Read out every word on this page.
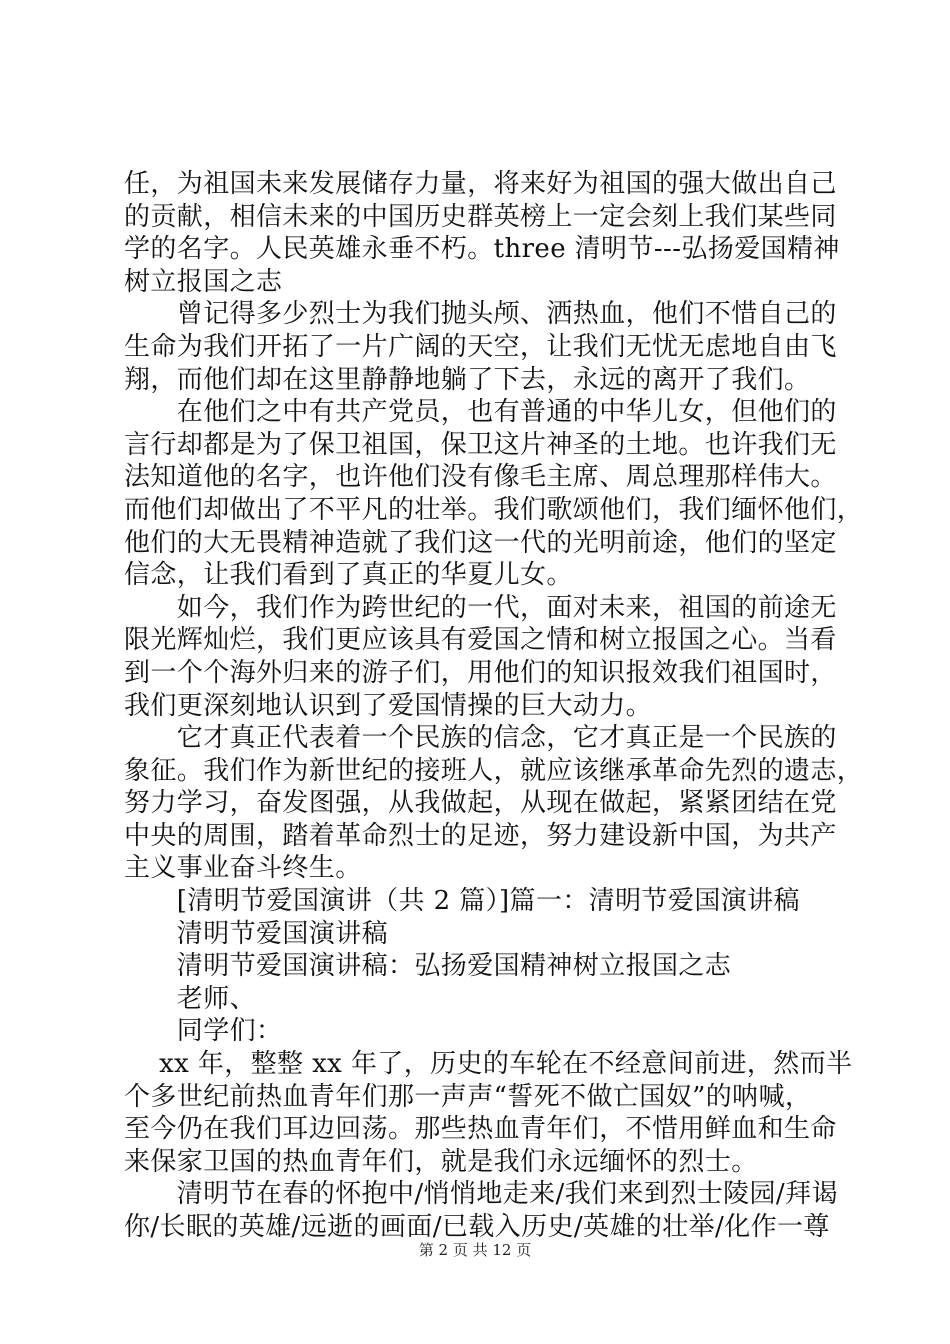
任，为祖国未来发展储存力量，将来好为祖国的强大做出自己
的贡献，相信未来的中国历史群英榜上一定会刻上我们某些同
学的名字。人民英雄永垂不朽。three 清明节---弘扬爱国精神
树立报国之志
　　曾记得多少烈士为我们抛头颅、洒热血，他们不惜自己的
生命为我们开拓了一片广阔的天空，让我们无忧无虑地自由飞
翔，而他们却在这里静静地躺了下去，永远的离开了我们。
　　在他们之中有共产党员，也有普通的中华儿女，但他们的
言行却都是为了保卫祖国，保卫这片神圣的土地。也许我们无
法知道他的名字，也许他们没有像毛主席、周总理那样伟大。
而他们却做出了不平凡的壮举。我们歌颂他们，我们缅怀他们，
他们的大无畏精神造就了我们这一代的光明前途，他们的坚定
信念，让我们看到了真正的华夏儿女。
　　如今，我们作为跨世纪的一代，面对未来，祖国的前途无
限光辉灿烂，我们更应该具有爱国之情和树立报国之心。当看
到一个个海外归来的游子们，用他们的知识报效我们祖国时，
我们更深刻地认识到了爱国情操的巨大动力。
　　它才真正代表着一个民族的信念，它才真正是一个民族的
象征。我们作为新世纪的接班人，就应该继承革命先烈的遗志，
努力学习，奋发图强，从我做起，从现在做起，紧紧团结在党
中央的周围，踏着革命烈士的足迹，努力建设新中国，为共产
主义事业奋斗终生。
　　[清明节爱国演讲（共 2 篇）]篇一：清明节爱国演讲稿
　　清明节爱国演讲稿
　　清明节爱国演讲稿：弘扬爱国精神树立报国之志
　　老师、
　　同学们：
　 xx 年，整整 xx 年了，历史的车轮在不经意间前进，然而半
个多世纪前热血青年们那一声声“誓死不做亡国奴”的呐喊，
至今仍在我们耳边回荡。那些热血青年们，不惜用鲜血和生命
来保家卫国的热血青年们，就是我们永远缅怀的烈士。
　　清明节在春的怀抱中/悄悄地走来/我们来到烈士陵园/拜谒
你/长眠的英雄/远逝的画面/已载入历史/英雄的壮举/化作一尊
第 2 页 共 12 页
